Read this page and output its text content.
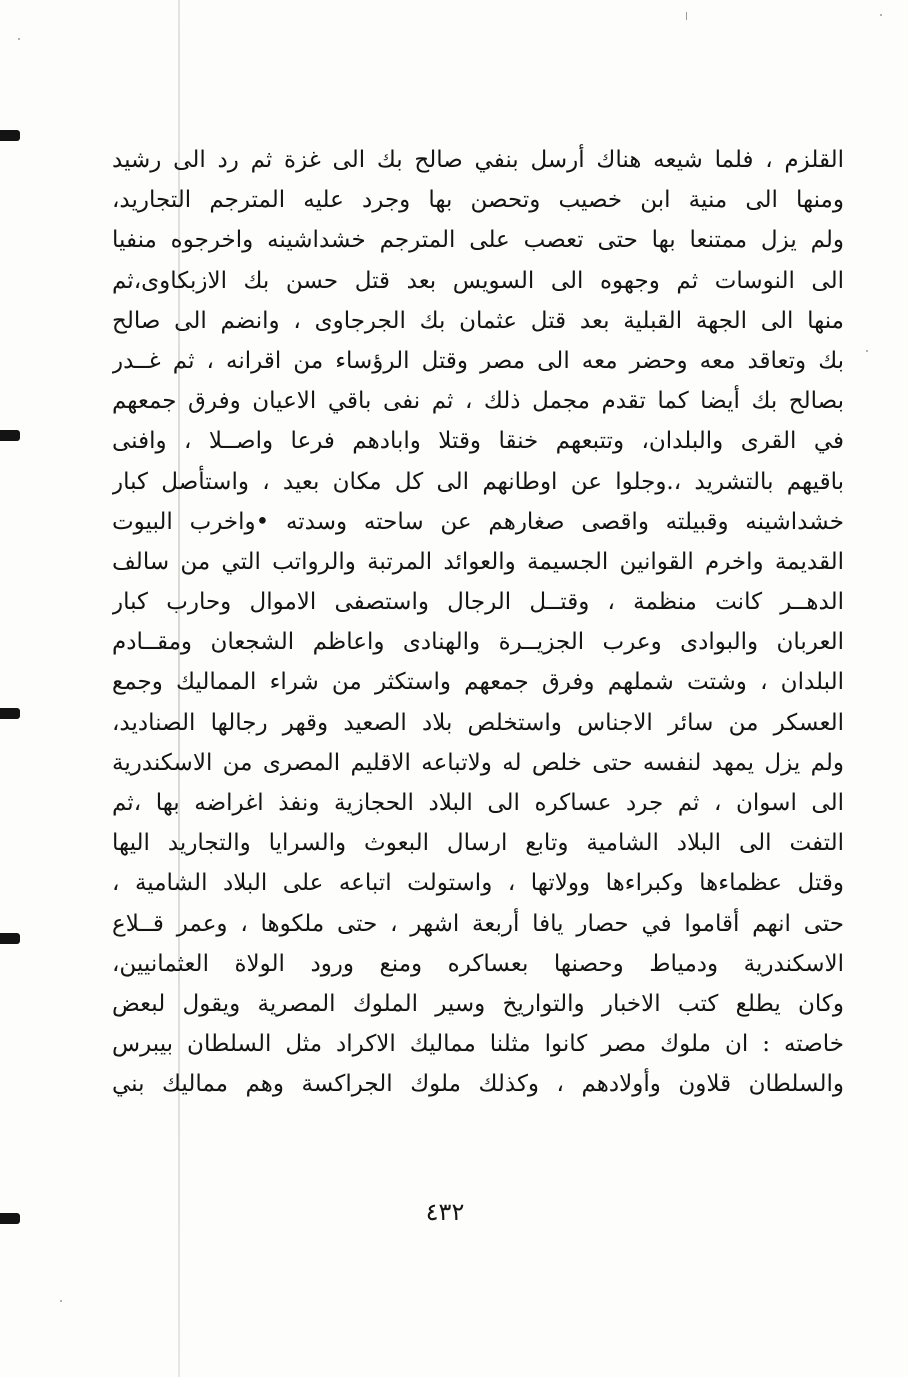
القلزم ، فلما شيعه هناك أرسل بنفي صالح بك الى غزة ثم رد الى رشيد
ومنها الى منية ابن خصيب وتحصن بها وجرد عليه المترجم التجاريد،
ولم يزل ممتنعا بها حتى تعصب على المترجم خشداشينه واخرجوه منفيا
الى النوسات ثم وجهوه الى السويس بعد قتل حسن بك الازبكاوى،ثم
منها الى الجهة القبلية بعد قتل عثمان بك الجرجاوى ، وانضم الى صالح
بك وتعاقد معه وحضر معه الى مصر وقتل الرؤساء من اقرانه ، ثم غــدر
بصالح بك أيضا كما تقدم مجمل ذلك ، ثم نفى باقي الاعيان وفرق جمعهم
في القرى والبلدان، وتتبعهم خنقا وقتلا وابادهم فرعا واصــلا ، وافنى
باقيهم بالتشريد ،.وجلوا عن اوطانهم الى كل مكان بعيد ، واستأصل كبار
خشداشينه وقبيلته واقصى صغارهم عن ساحته وسدته •واخرب البيوت
القديمة واخرم القوانين الجسيمة والعوائد المرتبة والرواتب التي من سالف
الدهــر كانت منظمة ، وقتــل الرجال واستصفى الاموال وحارب كبار
العربان والبوادى وعرب الجزيــرة والهنادى واعاظم الشجعان ومقــادم
البلدان ، وشتت شملهم وفرق جمعهم واستكثر من شراء المماليك وجمع
العسكر من سائر الاجناس واستخلص بلاد الصعيد وقهر رجالها الصناديد،
ولم يزل يمهد لنفسه حتى خلص له ولاتباعه الاقليم المصرى من الاسكندرية
الى اسوان ، ثم جرد عساكره الى البلاد الحجازية ونفذ اغراضه بها ،ثم
التفت الى البلاد الشامية وتابع ارسال البعوث والسرايا والتجاريد اليها
وقتل عظماءها وكبراءها وولاتها ، واستولت اتباعه على البلاد الشامية ،
حتى انهم أقاموا في حصار يافا أربعة اشهر ، حتى ملكوها ، وعمر قــلاع
الاسكندرية ودمياط وحصنها بعساكره ومنع ورود الولاة العثمانيين،
وكان يطلع كتب الاخبار والتواريخ وسير الملوك المصرية ويقول لبعض
خاصته : ان ملوك مصر كانوا مثلنا مماليك الاكراد مثل السلطان بيبرس
والسلطان قلاون وأولادهم ، وكذلك ملوك الجراكسة وهم مماليك بني
٤٣٢
